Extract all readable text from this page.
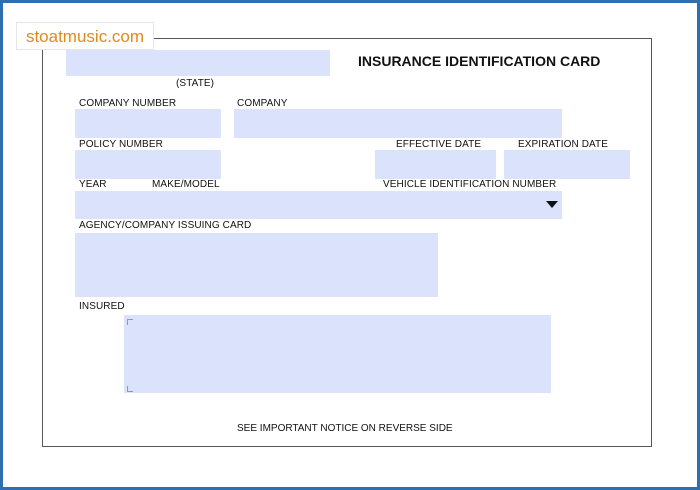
stoatmusic.com
(STATE)
INSURANCE IDENTIFICATION CARD
COMPANY NUMBER	COMPANY
POLICY NUMBER	EFFECTIVE DATE	EXPIRATION DATE
YEAR	MAKE/MODEL	VEHICLE IDENTIFICATION NUMBER
AGENCY/COMPANY ISSUING CARD
INSURED
SEE IMPORTANT NOTICE ON REVERSE SIDE
